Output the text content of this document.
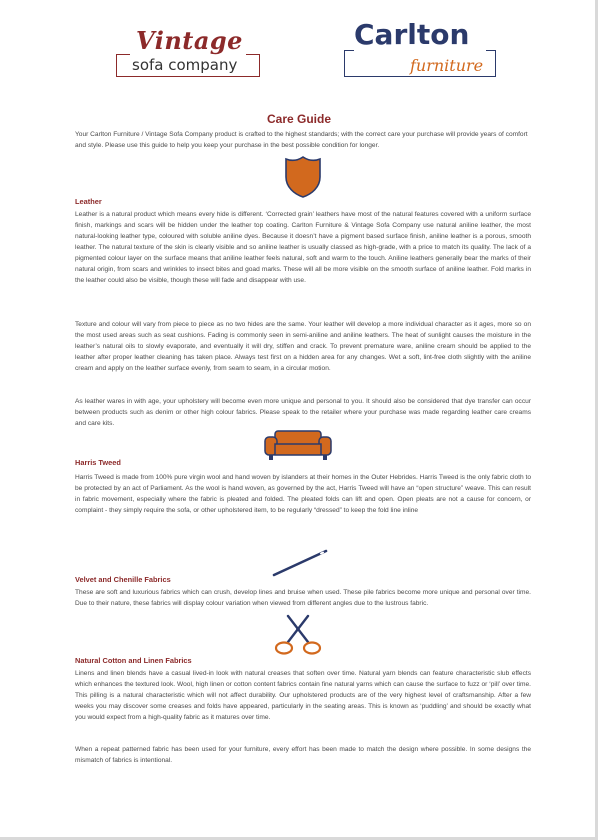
Vintage
sofa company
Carlton
furniture
Care Guide
Your Carlton Furniture / Vintage Sofa Company product is crafted to the highest standards; with the correct care your purchase will provide years of comfort and style. Please use this guide to help you keep your purchase in the best possible condition for longer.
Leather
Leather is a natural product which means every hide is different. ‘Corrected grain’ leathers have most of the natural features covered with a uniform surface finish, markings and scars will be hidden under the leather top coating. Carlton Furniture & Vintage Sofa Company use natural aniline leather, the most natural-looking leather type, coloured with soluble aniline dyes. Because it doesn’t have a pigment based surface finish, aniline leather is a porous, smooth leather. The natural texture of the skin is clearly visible and so aniline leather is usually classed as high-grade, with a price to match its quality. The lack of a pigmented colour layer on the surface means that aniline leather feels natural, soft and warm to the touch. Aniline leathers generally bear the marks of their natural origin, from scars and wrinkles to insect bites and goad marks. These will all be more visible on the smooth surface of aniline leather. Fold marks in the leather could also be visible, though these will fade and disappear with use.
Texture and colour will vary from piece to piece as no two hides are the same. Your leather will develop a more individual character as it ages, more so on the most used areas such as seat cushions. Fading is commonly seen in semi-aniline and aniline leathers. The heat of sunlight causes the moisture in the leather’s natural oils to slowly evaporate, and eventually it will dry, stiffen and crack. To prevent premature ware, aniline cream should be applied to the leather after proper leather cleaning has taken place. Always test first on a hidden area for any changes. Wet a soft, lint-free cloth slightly with the aniline cream and apply on the leather surface evenly, from seam to seam, in a circular motion.
As leather wares in with age, your upholstery will become even more unique and personal to you. It should also be considered that dye transfer can occur between products such as denim or other high colour fabrics. Please speak to the retailer where your purchase was made regarding leather care creams and care kits.
Harris Tweed
Harris Tweed is made from 100% pure virgin wool and hand woven by islanders at their homes in the Outer Hebrides. Harris Tweed is the only fabric cloth to be protected by an act of Parliament. As the wool is hand woven, as governed by the act, Harris Tweed will have an “open structure” weave. This can result in fabric movement, especially where the fabric is pleated and folded. The pleated folds can lift and open. Open pleats are not a cause for concern, or complaint - they simply require the sofa, or other upholstered item, to be regularly “dressed” to keep the fold line inline
Velvet and Chenille Fabrics
These are soft and luxurious fabrics which can crush, develop lines and bruise when used. These pile fabrics become more unique and personal over time. Due to their nature, these fabrics will display colour variation when viewed from different angles due to the lustrous fabric.
Natural Cotton and Linen Fabrics
Linens and linen blends have a casual lived-in look with natural creases that soften over time. Natural yarn blends can feature characteristic slub effects which enhances the textured look. Wool, high linen or cotton content fabrics contain fine natural yarns which can cause the surface to fuzz or ‘pill’ over time. This pilling is a natural characteristic which will not affect durability. Our upholstered products are of the very highest level of craftsmanship. After a few weeks you may discover some creases and folds have appeared, particularly in the seating areas. This is known as ‘puddling’ and should be exactly what you would expect from a high-quality fabric as it matures over time.
When a repeat patterned fabric has been used for your furniture, every effort has been made to match the design where possible. In some designs the mismatch of fabrics is intentional.
